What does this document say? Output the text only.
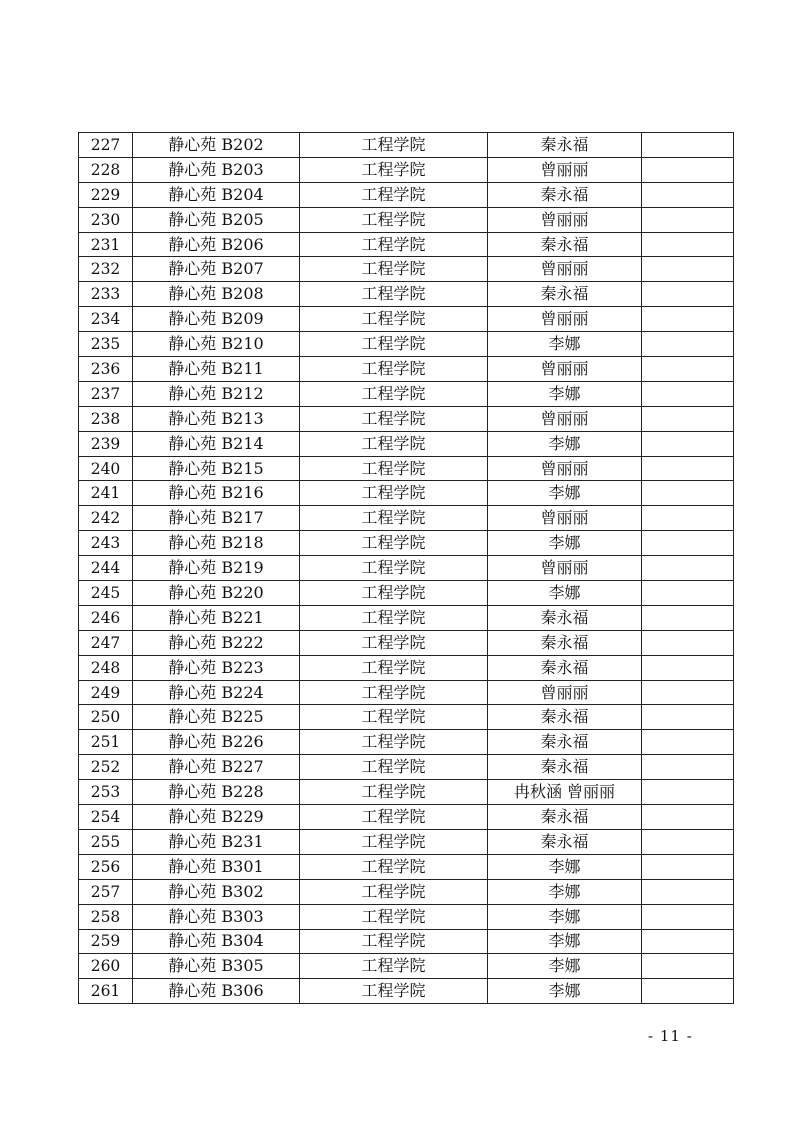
227	静心苑 B202	工程学院	秦永福	
228	静心苑 B203	工程学院	曾丽丽	
229	静心苑 B204	工程学院	秦永福	
230	静心苑 B205	工程学院	曾丽丽	
231	静心苑 B206	工程学院	秦永福	
232	静心苑 B207	工程学院	曾丽丽	
233	静心苑 B208	工程学院	秦永福	
234	静心苑 B209	工程学院	曾丽丽	
235	静心苑 B210	工程学院	李娜	
236	静心苑 B211	工程学院	曾丽丽	
237	静心苑 B212	工程学院	李娜	
238	静心苑 B213	工程学院	曾丽丽	
239	静心苑 B214	工程学院	李娜	
240	静心苑 B215	工程学院	曾丽丽	
241	静心苑 B216	工程学院	李娜	
242	静心苑 B217	工程学院	曾丽丽	
243	静心苑 B218	工程学院	李娜	
244	静心苑 B219	工程学院	曾丽丽	
245	静心苑 B220	工程学院	李娜	
246	静心苑 B221	工程学院	秦永福	
247	静心苑 B222	工程学院	秦永福	
248	静心苑 B223	工程学院	秦永福	
249	静心苑 B224	工程学院	曾丽丽	
250	静心苑 B225	工程学院	秦永福	
251	静心苑 B226	工程学院	秦永福	
252	静心苑 B227	工程学院	秦永福	
253	静心苑 B228	工程学院	冉秋涵 曾丽丽	
254	静心苑 B229	工程学院	秦永福	
255	静心苑 B231	工程学院	秦永福	
256	静心苑 B301	工程学院	李娜	
257	静心苑 B302	工程学院	李娜	
258	静心苑 B303	工程学院	李娜	
259	静心苑 B304	工程学院	李娜	
260	静心苑 B305	工程学院	李娜	
261	静心苑 B306	工程学院	李娜	
- 11 -
